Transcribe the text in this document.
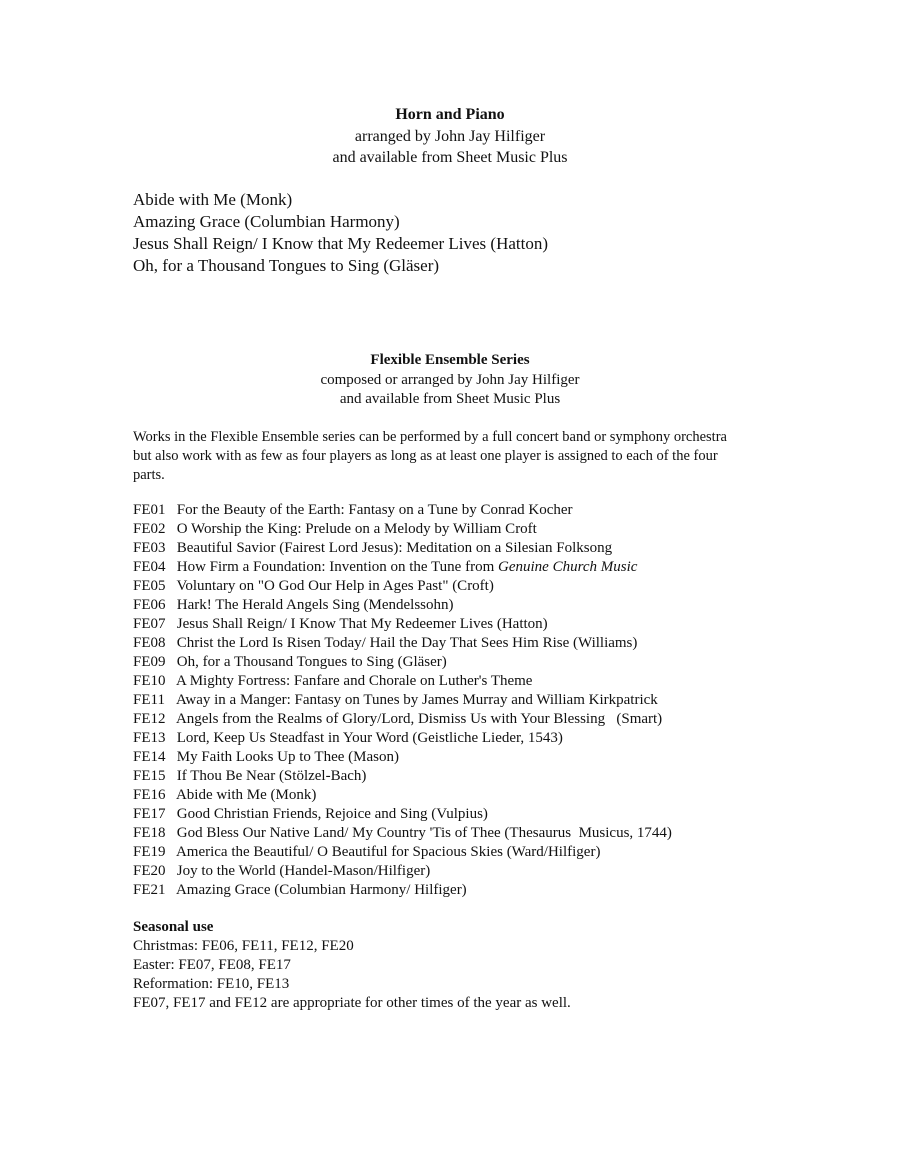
Horn and Piano
arranged by John Jay Hilfiger
and available from Sheet Music Plus
Abide with Me (Monk)
Amazing Grace (Columbian Harmony)
Jesus Shall Reign/ I Know that My Redeemer Lives (Hatton)
Oh, for a Thousand Tongues to Sing (Gläser)
Flexible Ensemble Series
composed or arranged by John Jay Hilfiger
and available from Sheet Music Plus
Works in the Flexible Ensemble series can be performed by a full concert band or symphony orchestra but also work with as few as four players as long as at least one player is assigned to each of the four parts.
FE01 For the Beauty of the Earth: Fantasy on a Tune by Conrad Kocher
FE02 O Worship the King: Prelude on a Melody by William Croft
FE03 Beautiful Savior (Fairest Lord Jesus): Meditation on a Silesian Folksong
FE04 How Firm a Foundation: Invention on the Tune from Genuine Church Music
FE05 Voluntary on "O God Our Help in Ages Past" (Croft)
FE06 Hark! The Herald Angels Sing (Mendelssohn)
FE07 Jesus Shall Reign/ I Know That My Redeemer Lives (Hatton)
FE08 Christ the Lord Is Risen Today/ Hail the Day That Sees Him Rise (Williams)
FE09 Oh, for a Thousand Tongues to Sing (Gläser)
FE10 A Mighty Fortress: Fanfare and Chorale on Luther's Theme
FE11 Away in a Manger: Fantasy on Tunes by James Murray and William Kirkpatrick
FE12 Angels from the Realms of Glory/Lord, Dismiss Us with Your Blessing   (Smart)
FE13 Lord, Keep Us Steadfast in Your Word (Geistliche Lieder, 1543)
FE14 My Faith Looks Up to Thee (Mason)
FE15 If Thou Be Near (Stölzel-Bach)
FE16 Abide with Me (Monk)
FE17 Good Christian Friends, Rejoice and Sing (Vulpius)
FE18 God Bless Our Native Land/ My Country 'Tis of Thee (Thesaurus  Musicus, 1744)
FE19 America the Beautiful/ O Beautiful for Spacious Skies (Ward/Hilfiger)
FE20 Joy to the World (Handel-Mason/Hilfiger)
FE21 Amazing Grace (Columbian Harmony/ Hilfiger)
Seasonal use
Christmas: FE06, FE11, FE12, FE20
Easter: FE07, FE08, FE17
Reformation: FE10, FE13
FE07, FE17 and FE12 are appropriate for other times of the year as well.
